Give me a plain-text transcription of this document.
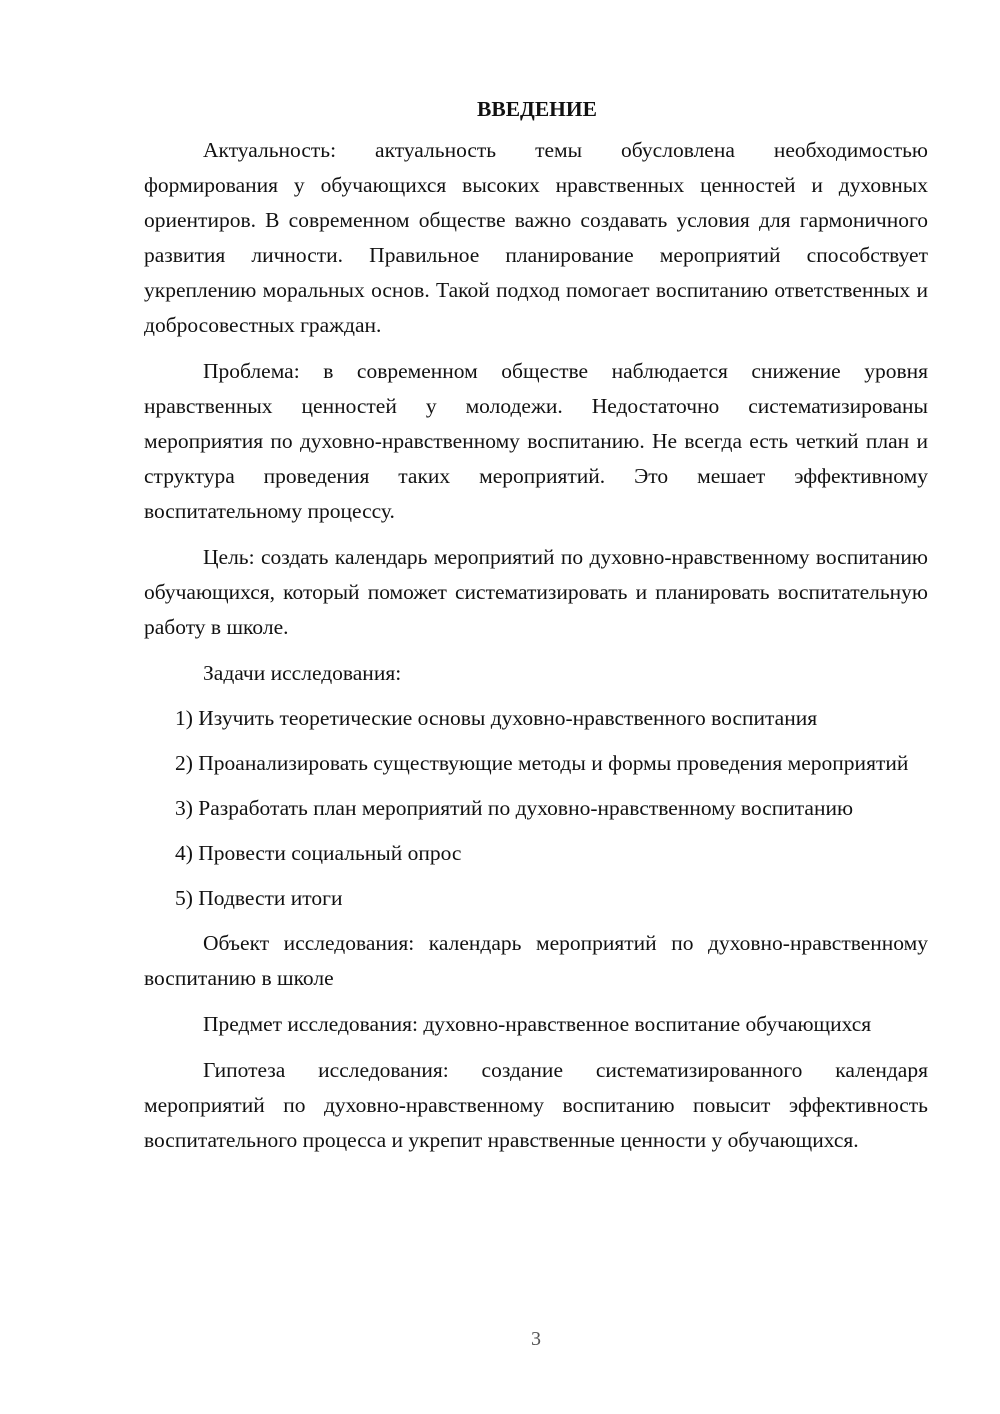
ВВЕДЕНИЕ

Актуальность: актуальность темы обусловлена необходимостью формирования у обучающихся высоких нравственных ценностей и духовных ориентиров. В современном обществе важно создавать условия для гармоничного развития личности. Правильное планирование мероприятий способствует укреплению моральных основ. Такой подход помогает воспитанию ответственных и добросовестных граждан.

Проблема: в современном обществе наблюдается снижение уровня нравственных ценностей у молодежи. Недостаточно систематизированы мероприятия по духовно-нравственному воспитанию. Не всегда есть четкий план и структура проведения таких мероприятий. Это мешает эффективному воспитательному процессу.

Цель: создать календарь мероприятий по духовно-нравственному воспитанию обучающихся, который поможет систематизировать и планировать воспитательную работу в школе.

Задачи исследования:

1) Изучить теоретические основы духовно-нравственного воспитания

2) Проанализировать существующие методы и формы проведения мероприятий

3) Разработать план мероприятий по духовно-нравственному воспитанию

4) Провести социальный опрос

5) Подвести итоги

Объект исследования: календарь мероприятий по духовно-нравственному воспитанию в школе

Предмет исследования: духовно-нравственное воспитание обучающихся

Гипотеза исследования: создание систематизированного календаря мероприятий по духовно-нравственному воспитанию повысит эффективность воспитательного процесса и укрепит нравственные ценности у обучающихся.

3
